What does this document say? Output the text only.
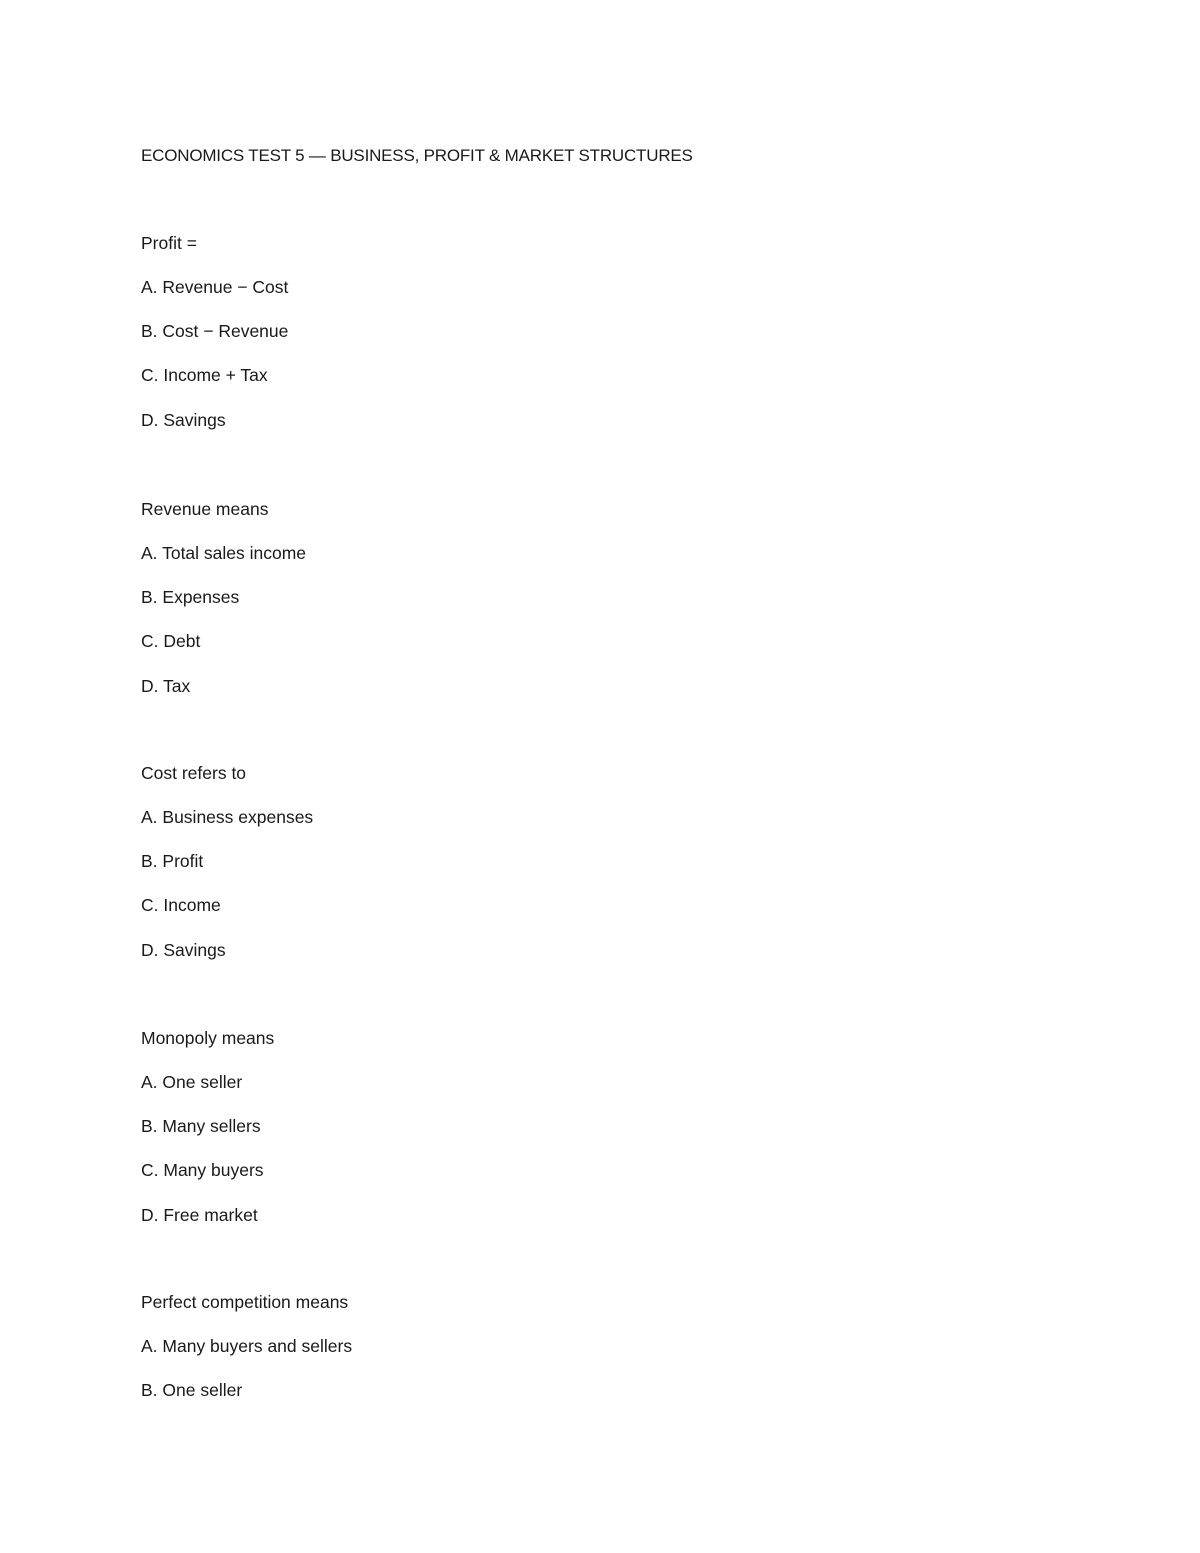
ECONOMICS TEST 5 — BUSINESS, PROFIT & MARKET STRUCTURES

Profit =

A. Revenue − Cost

B. Cost − Revenue

C. Income + Tax

D. Savings

Revenue means

A. Total sales income

B. Expenses

C. Debt

D. Tax

Cost refers to

A. Business expenses

B. Profit

C. Income

D. Savings

Monopoly means

A. One seller

B. Many sellers

C. Many buyers

D. Free market

Perfect competition means

A. Many buyers and sellers

B. One seller
